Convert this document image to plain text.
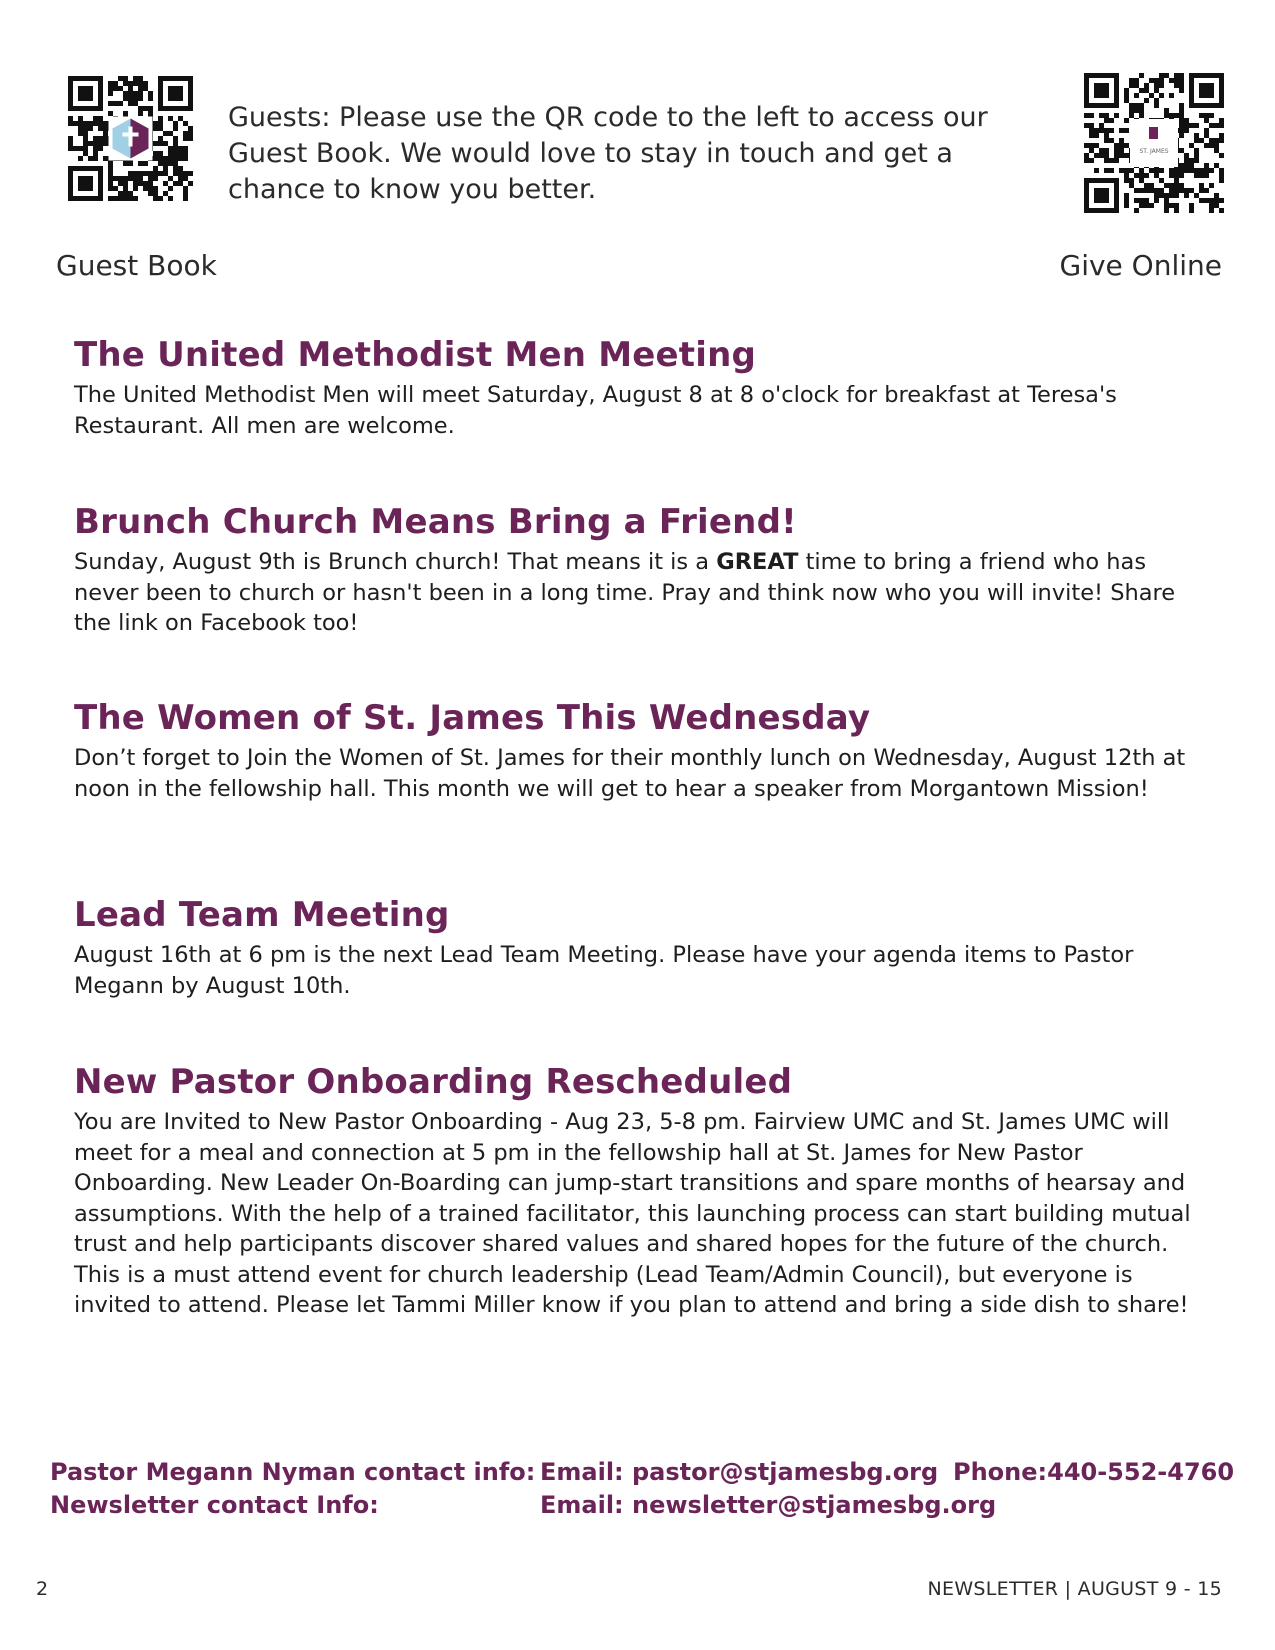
Guests: Please use the QR code to the left to access our Guest Book. We would love to stay in touch and get a chance to know you better.

ST. JAMES
Guest Book	Give Online
The United Methodist Men Meeting

The United Methodist Men will meet Saturday, August 8 at 8 o'clock for breakfast at Teresa's Restaurant. All men are welcome.

Brunch Church Means Bring a Friend!

Sunday, August 9th is Brunch church! That means it is a GREAT time to bring a friend who has never been to church or hasn't been in a long time. Pray and think now who you will invite! Share the link on Facebook too!

The Women of St. James This Wednesday

Don’t forget to Join the Women of St. James for their monthly lunch on Wednesday, August 12th at noon in the fellowship hall. This month we will get to hear a speaker from Morgantown Mission!

Lead Team Meeting

August 16th at 6 pm is the next Lead Team Meeting. Please have your agenda items to Pastor Megann by August 10th.

New Pastor Onboarding Rescheduled

You are Invited to New Pastor Onboarding - Aug 23, 5-8 pm. Fairview UMC and St. James UMC will meet for a meal and connection at 5 pm in the fellowship hall at St. James for New Pastor Onboarding. New Leader On-Boarding can jump-start transitions and spare months of hearsay and assumptions. With the help of a trained facilitator, this launching process can start building mutual trust and help participants discover shared values and shared hopes for the future of the church. This is a must attend event for church leadership (Lead Team/Admin Council), but everyone is invited to attend. Please let Tammi Miller know if you plan to attend and bring a side dish to share!

Pastor Megann Nyman contact info: Email: pastor@stjamesbg.org Phone:440-552-4760
Newsletter contact Info:	Email: newsletter@stjamesbg.org
2	NEWSLETTER | AUGUST 9 - 15
